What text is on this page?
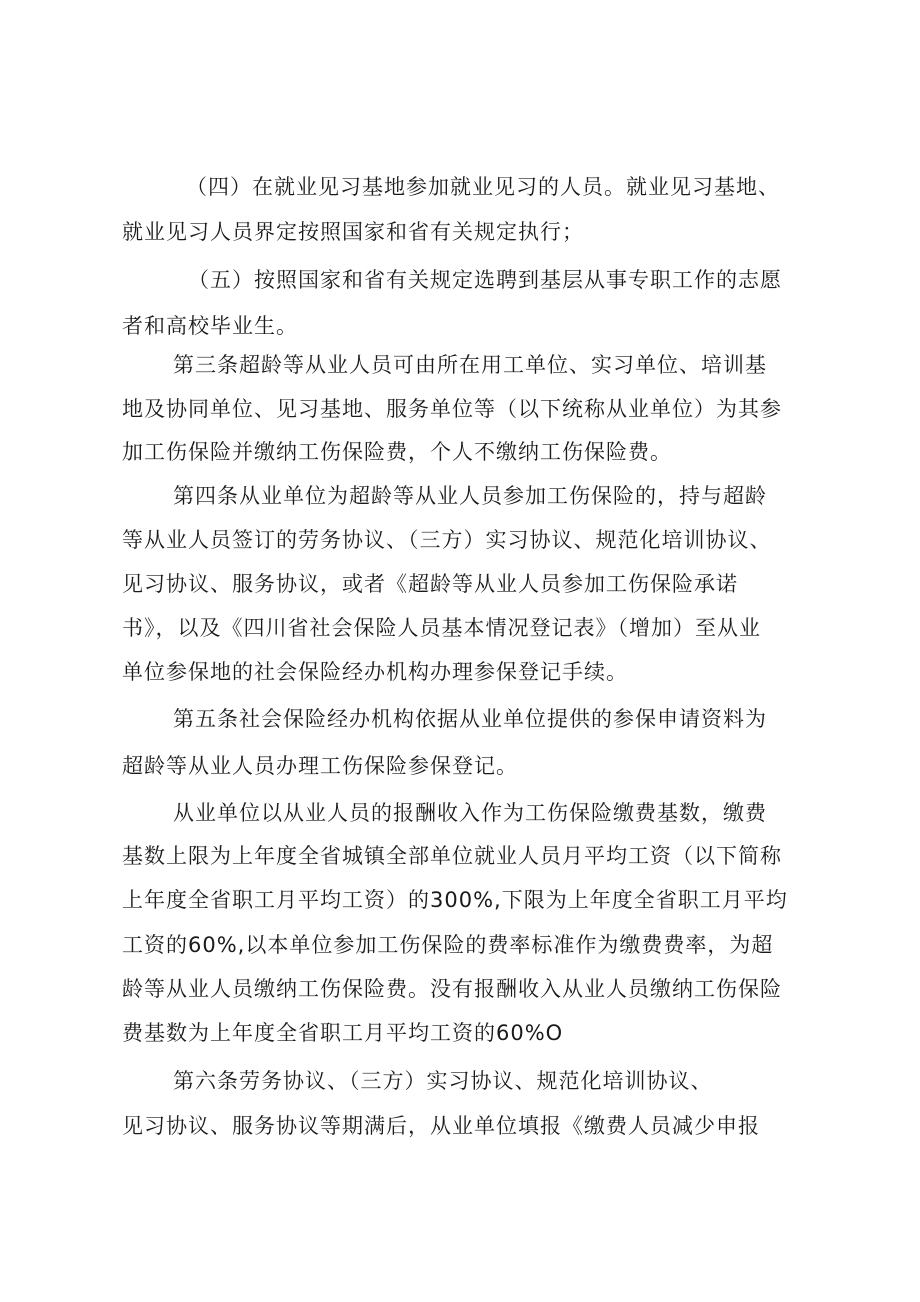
（四）在就业见习基地参加就业见习的人员。就业见习基地、
就业见习人员界定按照国家和省有关规定执行；
（五）按照国家和省有关规定选聘到基层从事专职工作的志愿
者和高校毕业生。
第三条超龄等从业人员可由所在用工单位、实习单位、培训基
地及协同单位、见习基地、服务单位等（以下统称从业单位）为其参
加工伤保险并缴纳工伤保险费，个人不缴纳工伤保险费。
第四条从业单位为超龄等从业人员参加工伤保险的，持与超龄
等从业人员签订的劳务协议、（三方）实习协议、规范化培训协议、
见习协议、服务协议，或者《超龄等从业人员参加工伤保险承诺
书》，以及《四川省社会保险人员基本情况登记表》（增加）至从业
单位参保地的社会保险经办机构办理参保登记手续。
第五条社会保险经办机构依据从业单位提供的参保申请资料为
超龄等从业人员办理工伤保险参保登记。
从业单位以从业人员的报酬收入作为工伤保险缴费基数，缴费
基数上限为上年度全省城镇全部单位就业人员月平均工资（以下简称
上年度全省职工月平均工资）的300%,下限为上年度全省职工月平均
工资的60%,以本单位参加工伤保险的费率标准作为缴费费率，为超
龄等从业人员缴纳工伤保险费。没有报酬收入从业人员缴纳工伤保险
费基数为上年度全省职工月平均工资的60%O
第六条劳务协议、（三方）实习协议、规范化培训协议、
见习协议、服务协议等期满后，从业单位填报《缴费人员减少申报
